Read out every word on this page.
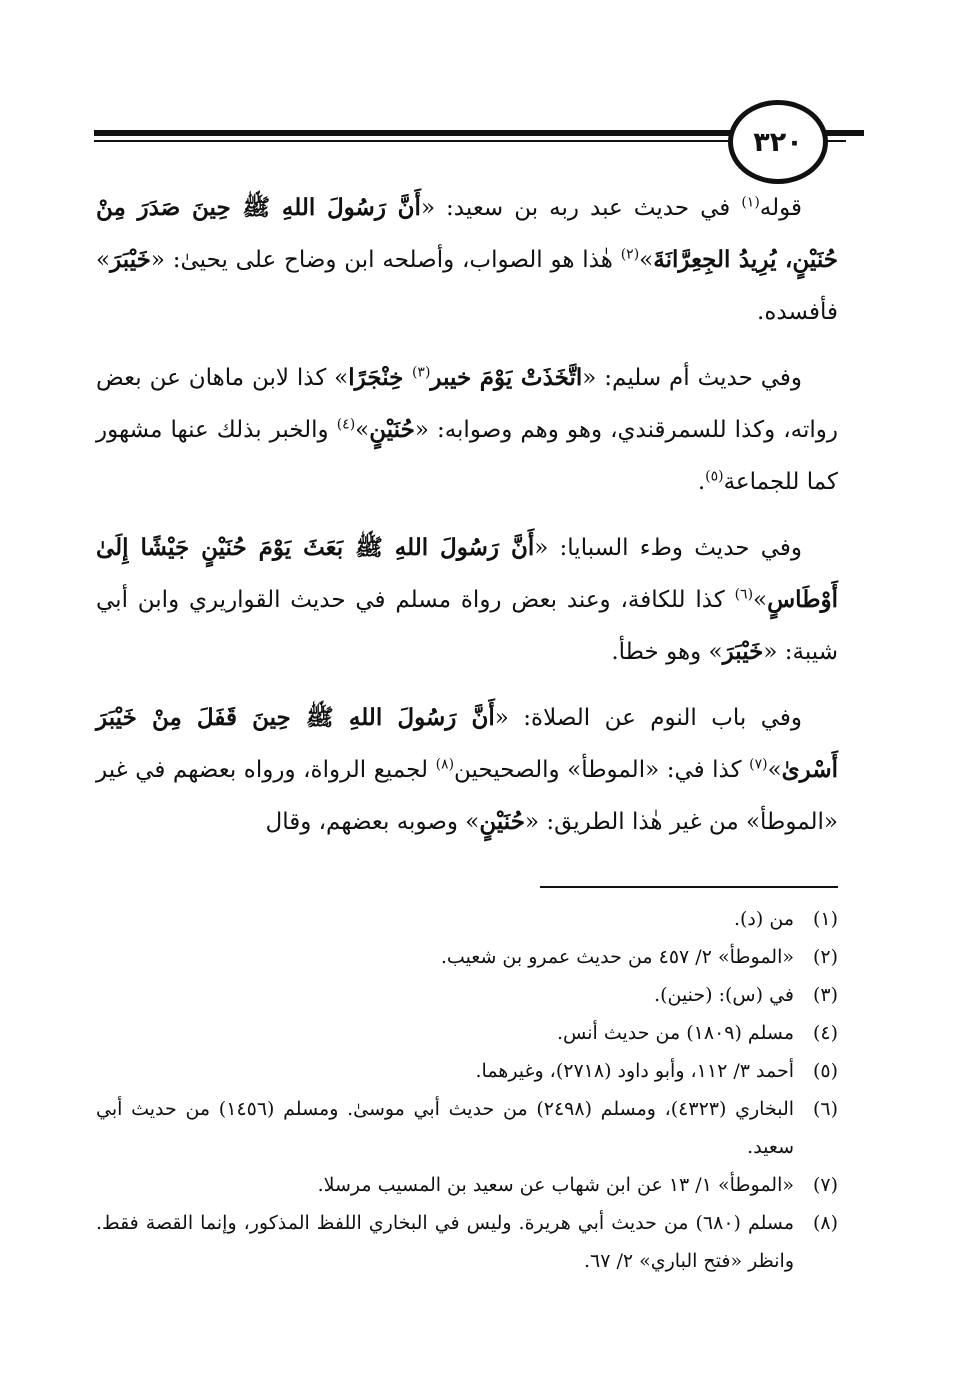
٣٢٠

قوله$^{(١)}$ في حديث عبد ربه بن سعيد: «أَنَّ رَسُولَ اللهِ ﷺ حِينَ صَدَرَ مِنْ حُنَيْنٍ، يُرِيدُ الجِعِرَّانَةَ»$^{(٢)}$ هٰذا هو الصواب، وأصلحه ابن وضاح على يحيىٰ: «خَيْبَرَ» فأفسده.

وفي حديث أم سليم: «اتَّخَذَتْ يَوْمَ خيبر$^{(٣)}$ خِنْجَرًا» كذا لابن ماهان عن بعض رواته، وكذا للسمرقندي، وهو وهم وصوابه: «حُنَيْنٍ»$^{(٤)}$ والخبر بذلك عنها مشهور كما للجماعة$^{(٥)}$.

وفي حديث وطء السبايا: «أَنَّ رَسُولَ اللهِ ﷺ بَعَثَ يَوْمَ حُنَيْنٍ جَيْشًا إِلَىٰ أَوْطَاسٍ»$^{(٦)}$ كذا للكافة، وعند بعض رواة مسلم في حديث القواريري وابن أبي شيبة: «خَيْبَرَ» وهو خطأ.

وفي باب النوم عن الصلاة: «أَنَّ رَسُولَ اللهِ ﷺ حِينَ قَفَلَ مِنْ خَيْبَرَ أَسْرىٰ»$^{(٧)}$ كذا في: «الموطأ» والصحيحين$^{(٨)}$ لجميع الرواة، ورواه بعضهم في غير «الموطأ» من غير هٰذا الطريق: «حُنَيْنٍ» وصوبه بعضهم، وقال

(١)
من (د).
(٢)
«الموطأ» ٢/ ٤٥٧ من حديث عمرو بن شعيب.
(٣)
في (س): (حنين).
(٤)
مسلم (١٨٠٩) من حديث أنس.
(٥)
أحمد ٣/ ١١٢، وأبو داود (٢٧١٨)، وغيرهما.
(٦)
البخاري (٤٣٢٣)، ومسلم (٢٤٩٨) من حديث أبي موسىٰ. ومسلم (١٤٥٦) من حديث أبي سعيد.
(٧)
«الموطأ» ١/ ١٣ عن ابن شهاب عن سعيد بن المسيب مرسلا.
(٨)
مسلم (٦٨٠) من حديث أبي هريرة. وليس في البخاري اللفظ المذكور، وإنما القصة فقط. وانظر «فتح الباري» ٢/ ٦٧.
